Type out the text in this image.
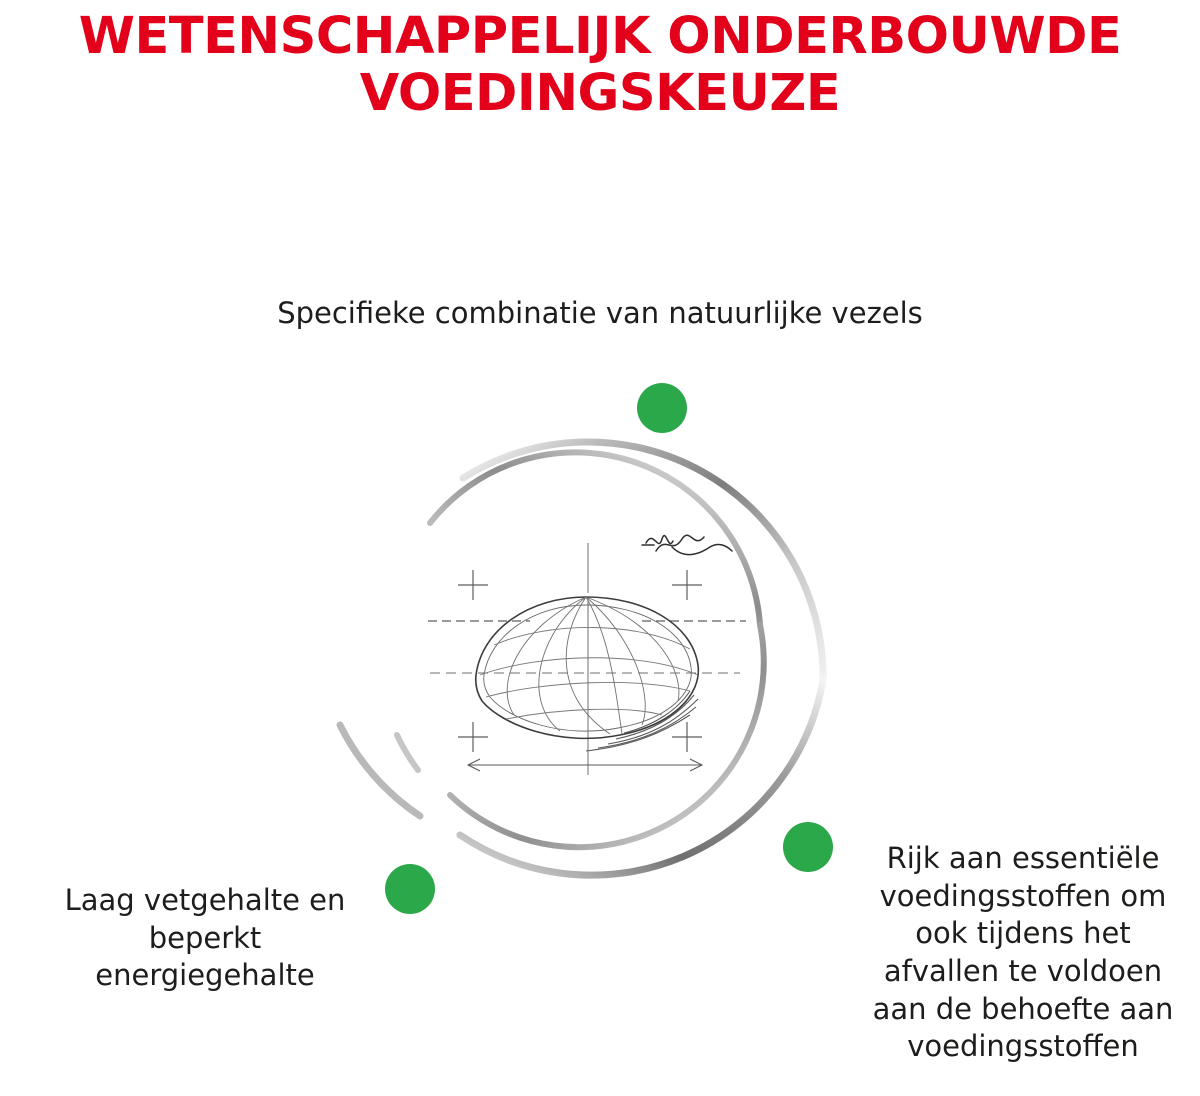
WETENSCHAPPELIJK ONDERBOUWDE
VOEDINGSKEUZE
Specifieke combinatie van natuurlijke vezels
Laag vetgehalte en beperkt energiegehalte
Rijk aan essentiële voedingsstoffen om ook tijdens het afvallen te voldoen aan de behoefte aan voedingsstoffen
